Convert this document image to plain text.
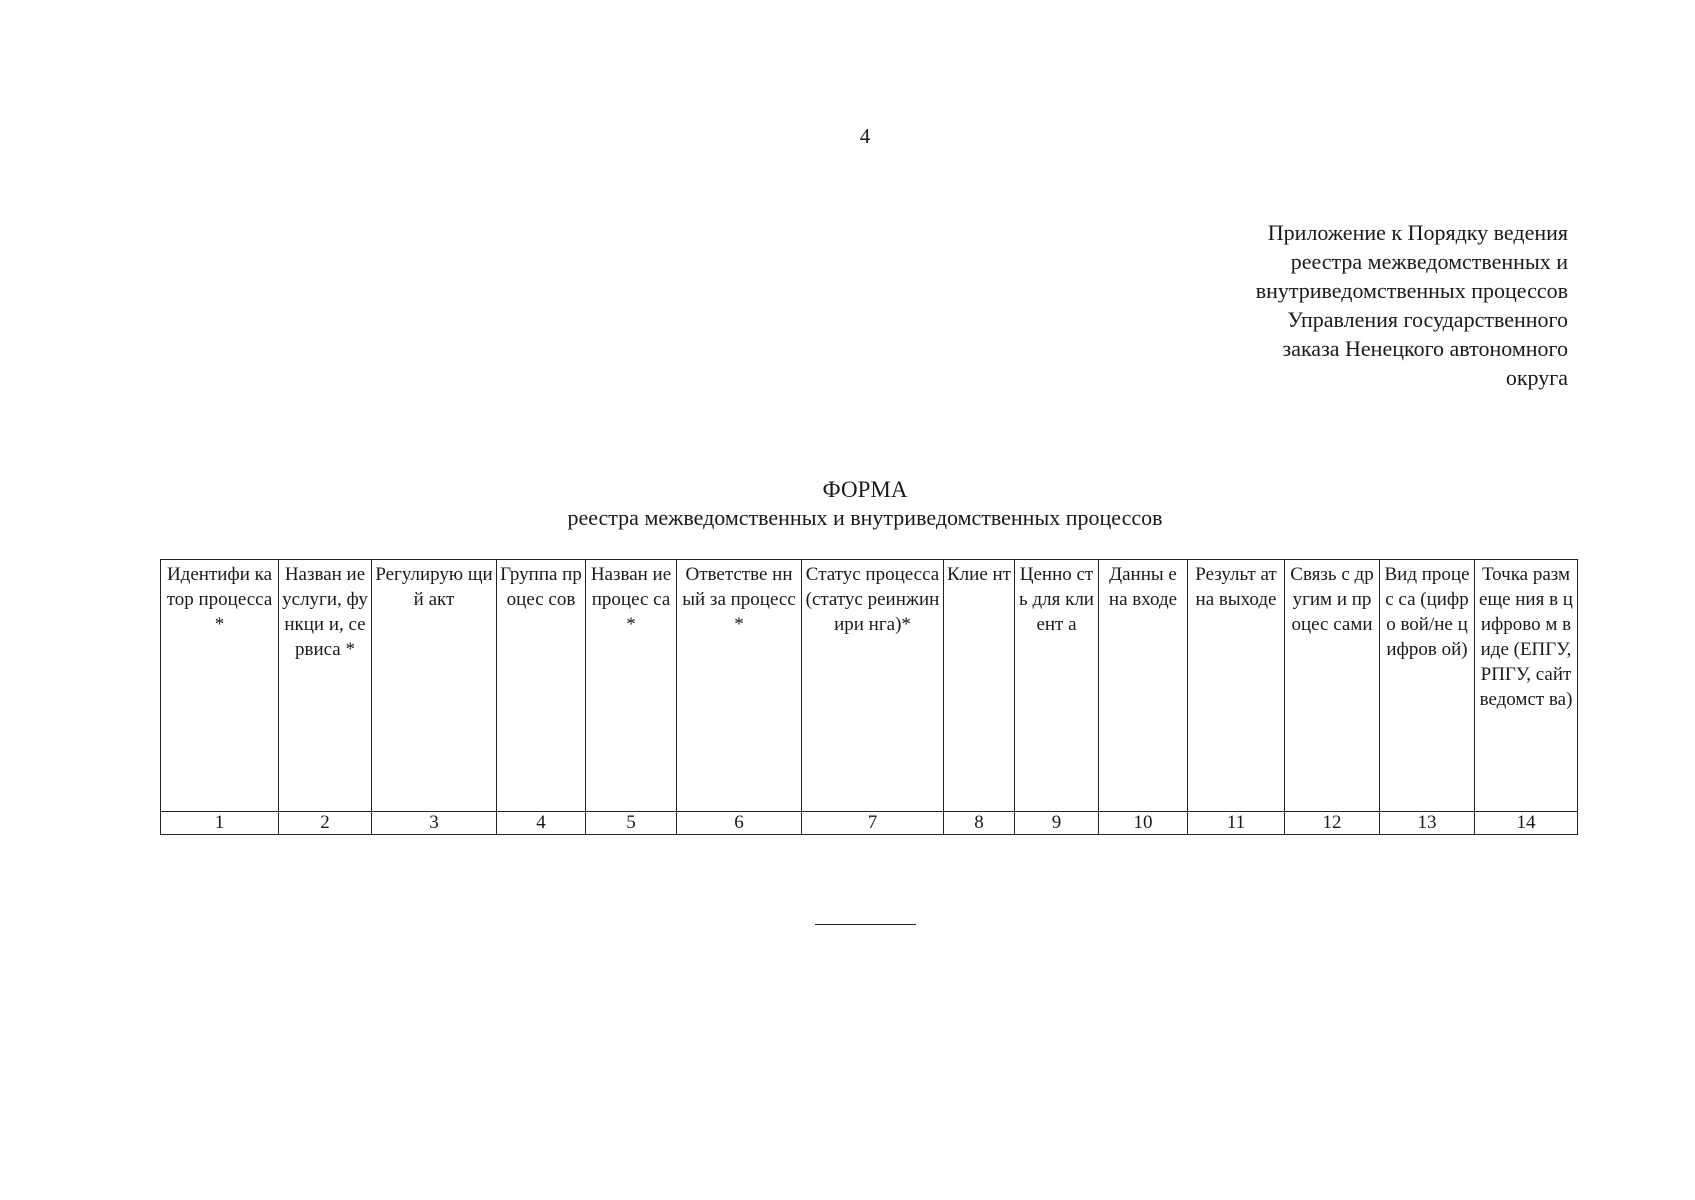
4
Приложение к Порядку ведения
реестра межведомственных и
внутриведомственных процессов
Управления государственного
заказа Ненецкого автономного
округа
ФОРМА
реестра межведомственных и внутриведомственных процессов
Идентифи катор процесса*	Назван ие услуги, функци и, сервиса *	Регулирую щий акт	Группа процес сов	Назван ие процес са*	Ответстве нный за процесс*	Статус процесса (статус реинжинири нга)*	Клие нт	Ценно сть для клиент а	Данны е на входе	Результ ат на выходе	Связь с другим и процес сами	Вид процес са (цифро вой/не цифров ой)	Точка размеще ния в цифрово м виде (ЕПГУ, РПГУ, сайт ведомст ва)
1	2	3	4	5	6	7	8	9	10	11	12	13	14
